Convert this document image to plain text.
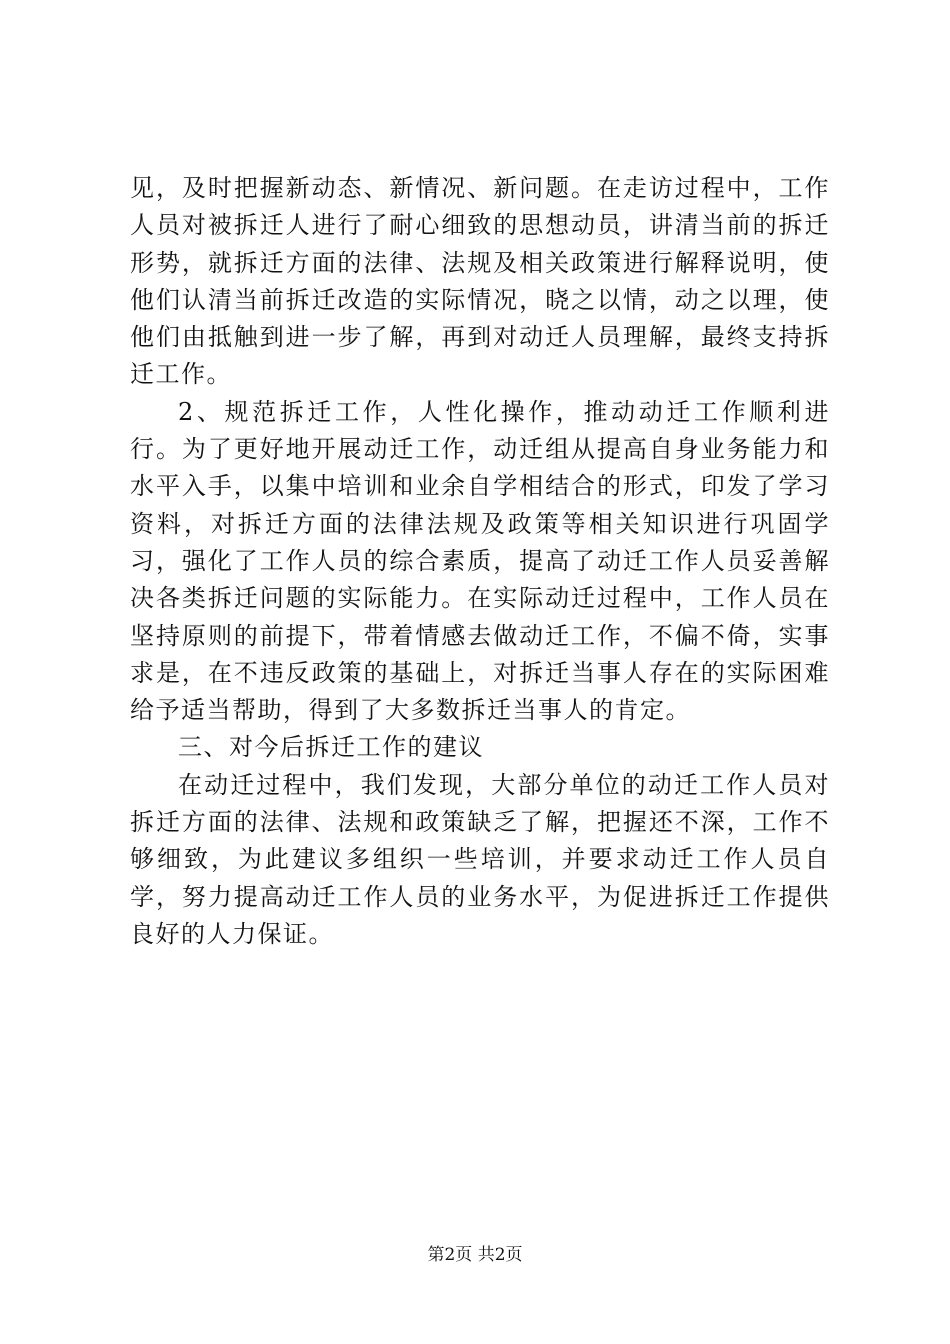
见，及时把握新动态、新情况、新问题。在走访过程中，工作人员对被拆迁人进行了耐心细致的思想动员，讲清当前的拆迁形势，就拆迁方面的法律、法规及相关政策进行解释说明，使他们认清当前拆迁改造的实际情况，晓之以情，动之以理，使他们由抵触到进一步了解，再到对动迁人员理解，最终支持拆迁工作。

2、规范拆迁工作，人性化操作，推动动迁工作顺利进行。为了更好地开展动迁工作，动迁组从提高自身业务能力和水平入手，以集中培训和业余自学相结合的形式，印发了学习资料，对拆迁方面的法律法规及政策等相关知识进行巩固学习，强化了工作人员的综合素质，提高了动迁工作人员妥善解决各类拆迁问题的实际能力。在实际动迁过程中，工作人员在坚持原则的前提下，带着情感去做动迁工作，不偏不倚，实事求是，在不违反政策的基础上，对拆迁当事人存在的实际困难给予适当帮助，得到了大多数拆迁当事人的肯定。

三、对今后拆迁工作的建议

在动迁过程中，我们发现，大部分单位的动迁工作人员对拆迁方面的法律、法规和政策缺乏了解，把握还不深，工作不够细致，为此建议多组织一些培训，并要求动迁工作人员自学，努力提高动迁工作人员的业务水平，为促进拆迁工作提供良好的人力保证。

第2页 共2页
